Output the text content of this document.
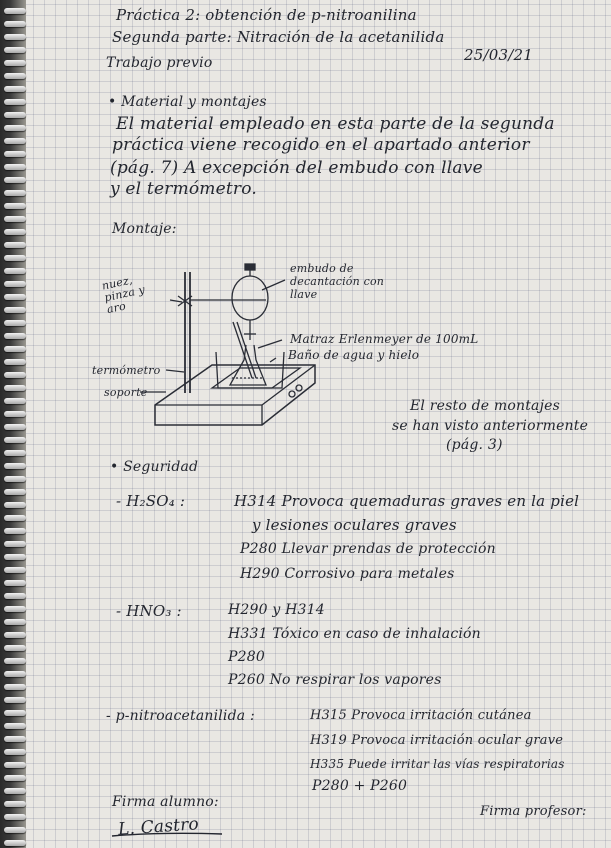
Práctica 2: obtención de p-nitroanilina
Segunda parte: Nitración de la acetanilida
Trabajo previo	25/03/21
• Material y montajes
El material empleado en esta parte de la segunda
práctica viene recogido en el apartado anterior
(pág. 7) A excepción del embudo con llave
y el termómetro.
Montaje:
nuez, pinza y aro
embudo de decantación con llave
Matraz Erlenmeyer de 100mL
Baño de agua y hielo
termómetro
soporte
El resto de montajes
se han visto anteriormente
(pág. 3)
• Seguridad
- H₂SO₄ :	H314 Provoca quemaduras graves en la piel
y lesiones oculares graves
P280 Llevar prendas de protección
H290 Corrosivo para metales
- HNO₃ :	H290 y H314
H331 Tóxico en caso de inhalación
P280
P260 No respirar los vapores
- p-nitroacetanilida :	H315 Provoca irritación cutánea
H319 Provoca irritación ocular grave
H335 Puede irritar las vías respiratorias
P280 + P260
Firma alumno:
Firma profesor:
L. Castro
